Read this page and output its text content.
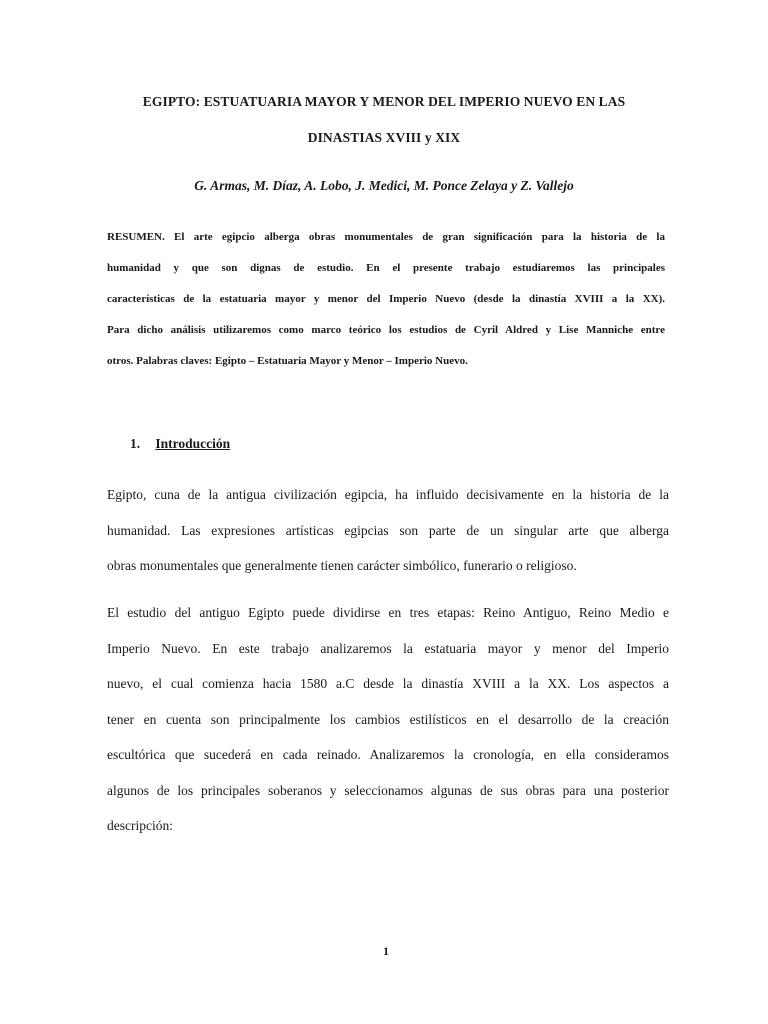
EGIPTO: ESTUATUARIA MAYOR Y MENOR DEL IMPERIO NUEVO EN LAS
DINASTIAS XVIII y XIX
G. Armas, M. Díaz, A. Lobo, J. Medici, M. Ponce Zelaya y Z. Vallejo
RESUMEN. El arte egipcio alberga obras monumentales de gran significación para la historia de la
humanidad y que son dignas de estudio. En el presente trabajo estudiaremos las principales
características de la estatuaria mayor y menor del Imperio Nuevo (desde la dinastía XVIII a la XX).
Para dicho análisis utilizaremos como marco teórico los estudios de Cyril Aldred y Lise Manniche entre
otros. Palabras claves: Egipto – Estatuaria Mayor y Menor – Imperio Nuevo.
1. Introducción
Egipto, cuna de la antigua civilización egipcia, ha influido decisivamente en la historia de la
humanidad. Las expresiones artísticas egipcias son parte de un singular arte que alberga
obras monumentales que generalmente tienen carácter simbólico, funerario o religioso.
El estudio del antiguo Egipto puede dividirse en tres etapas: Reino Antiguo, Reino Medio e
Imperio Nuevo. En este trabajo analizaremos la estatuaria mayor y menor del Imperio
nuevo, el cual comienza hacia 1580 a.C desde la dinastía XVIII a la XX. Los aspectos a
tener en cuenta son principalmente los cambios estilísticos en el desarrollo de la creación
escultórica que sucederá en cada reinado. Analizaremos la cronología, en ella consideramos
algunos de los principales soberanos y seleccionamos algunas de sus obras para una posterior
descripción:
1
